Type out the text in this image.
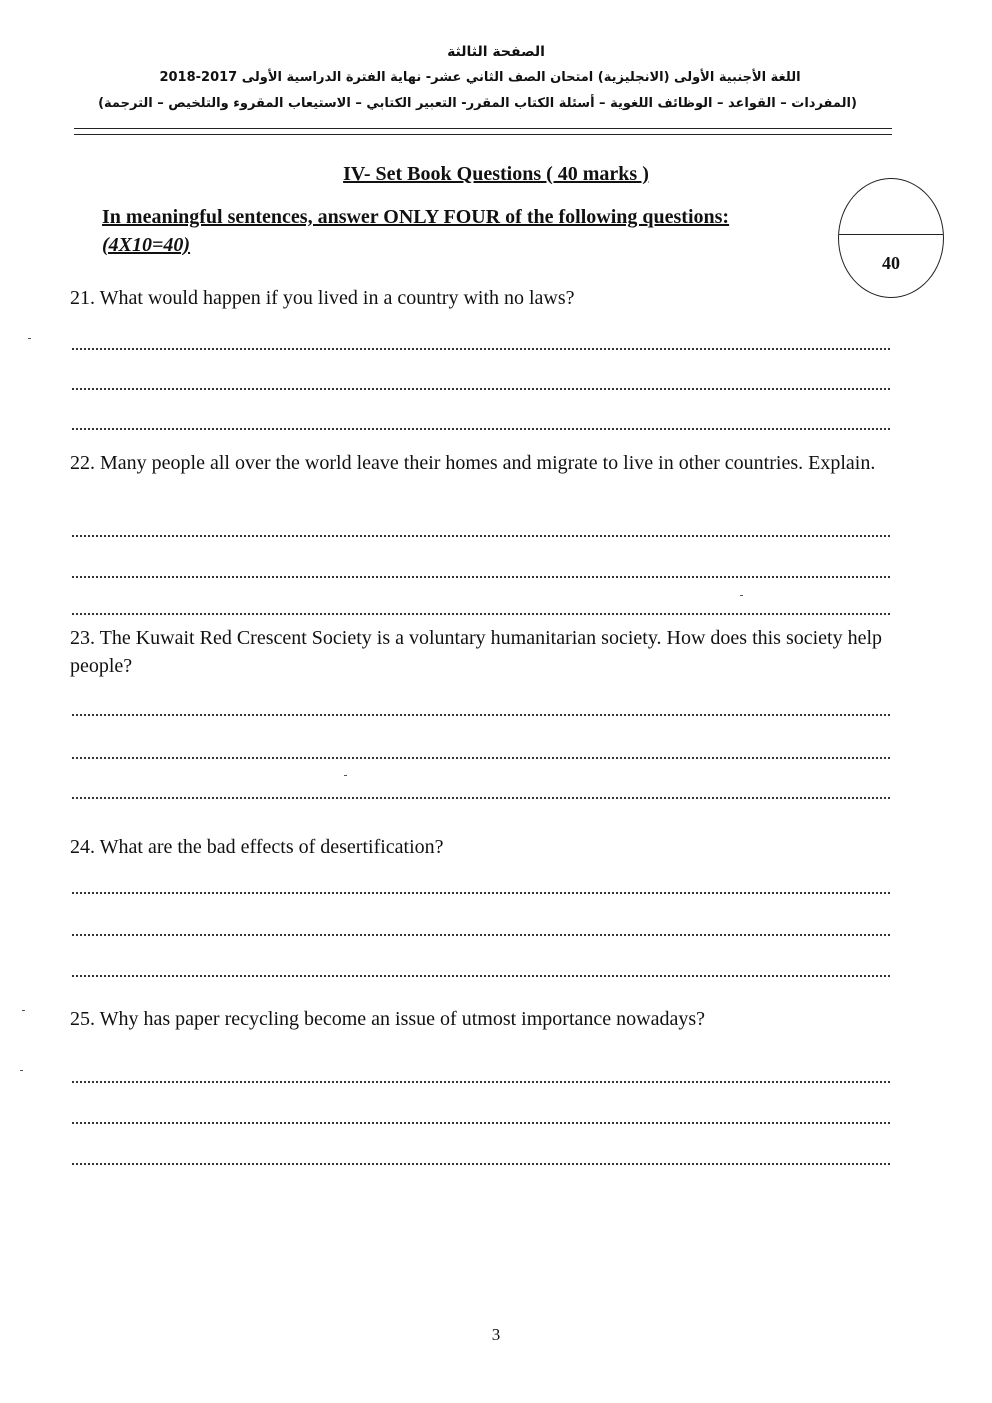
الصفحة الثالثة
اللغة الأجنبية الأولى (الانجليزية) امتحان الصف الثاني عشر- نهاية الفترة الدراسية الأولى 2017-2018
(المفردات – القواعد – الوظائف اللغوية – أسئلة الكتاب المقرر- التعبير الكتابي – الاستيعاب المقروء والتلخيص – الترجمة)
IV- Set Book Questions ( 40 marks )
In meaningful sentences, answer ONLY FOUR of the following questions:
(4X10=40)
40
21. What would happen if you lived in a country with no laws?
22. Many people all over the world leave their homes and migrate to live in other countries. Explain.
23. The Kuwait Red Crescent Society is a voluntary humanitarian society. How does this society help people?
24. What are the bad effects of desertification?
25. Why has paper recycling become an issue of utmost importance nowadays?
3
